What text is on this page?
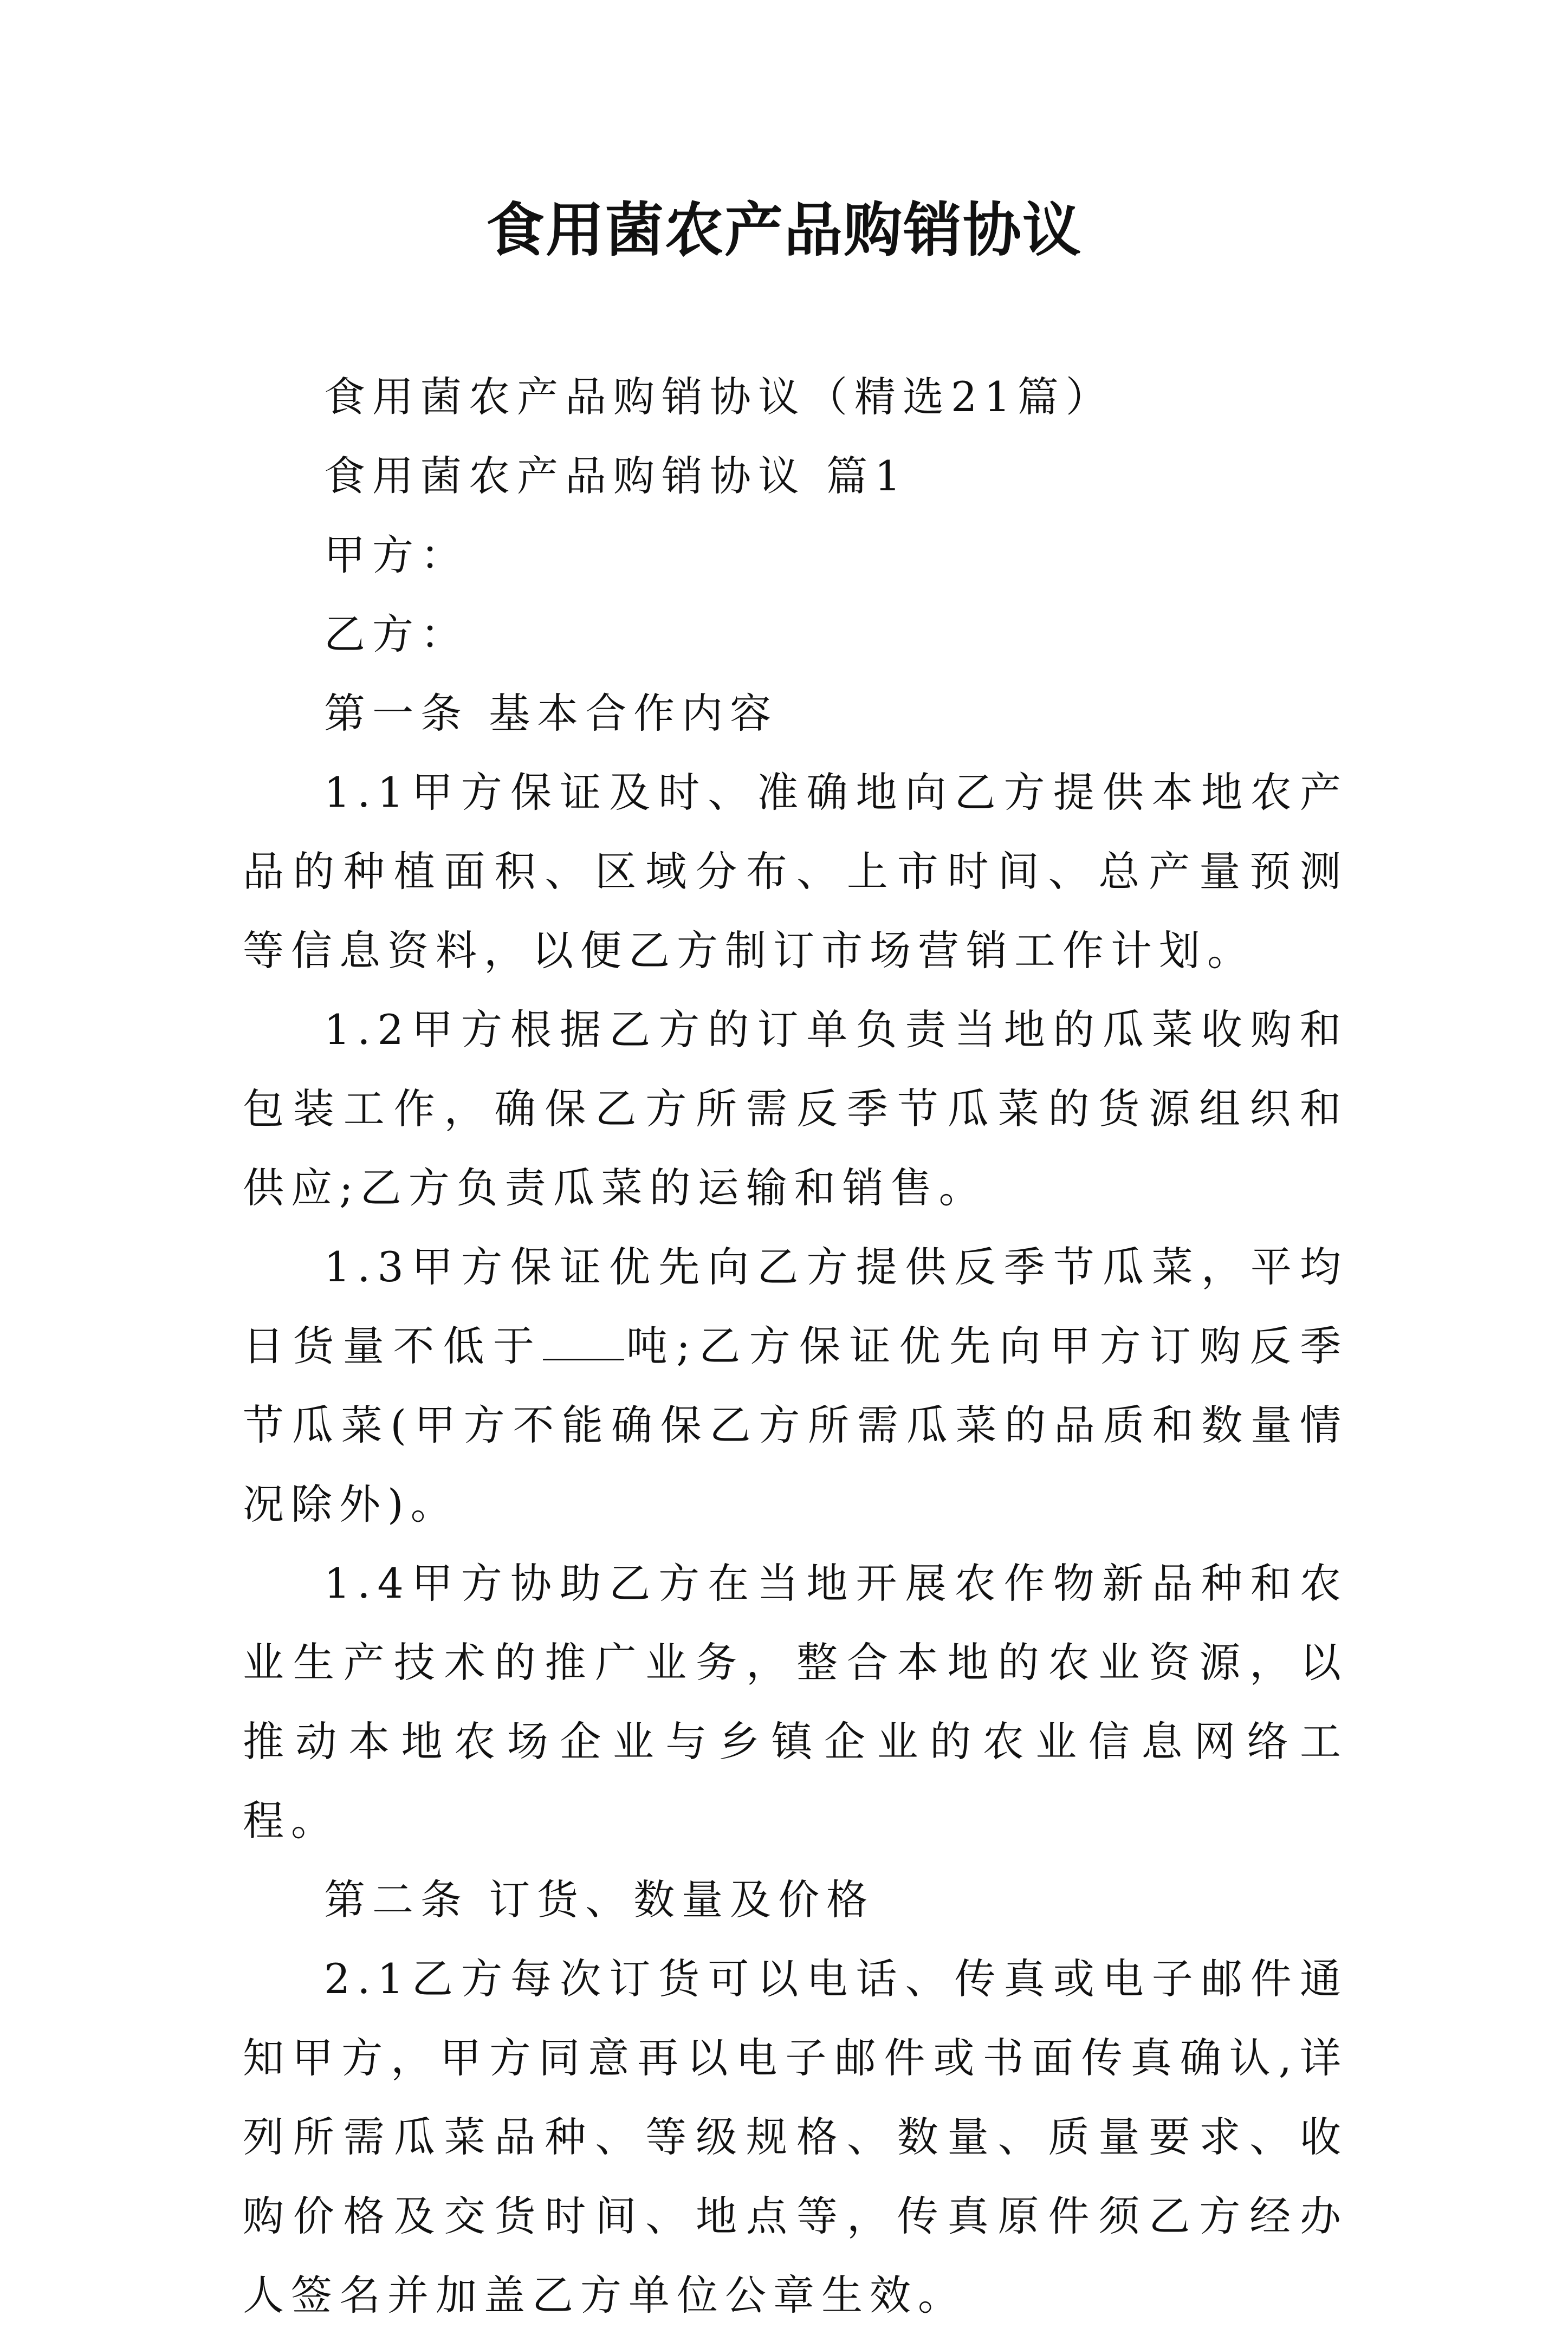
食用菌农产品购销协议

食用菌农产品购销协议（精选21篇）

食用菌农产品购销协议 篇1

甲方：

乙方：

第一条 基本合作内容

1.1甲方保证及时、准确地向乙方提供本地农产品的种植面积、区域分布、上市时间、总产量预测等信息资料，以便乙方制订市场营销工作计划。

1.2甲方根据乙方的订单负责当地的瓜菜收购和包装工作，确保乙方所需反季节瓜菜的货源组织和供应;乙方负责瓜菜的运输和销售。

1.3甲方保证优先向乙方提供反季节瓜菜，平均日货量不低于 吨;乙方保证优先向甲方订购反季节瓜菜(甲方不能确保乙方所需瓜菜的品质和数量情况除外)。

1.4甲方协助乙方在当地开展农作物新品种和农业生产技术的推广业务，整合本地的农业资源，以推动本地农场企业与乡镇企业的农业信息网络工程。

第二条 订货、数量及价格

2.1乙方每次订货可以电话、传真或电子邮件通知甲方，甲方同意再以电子邮件或书面传真确认,详列所需瓜菜品种、等级规格、数量、质量要求、收购价格及交货时间、地点等，传真原件须乙方经办人签名并加盖乙方单位公章生效。
